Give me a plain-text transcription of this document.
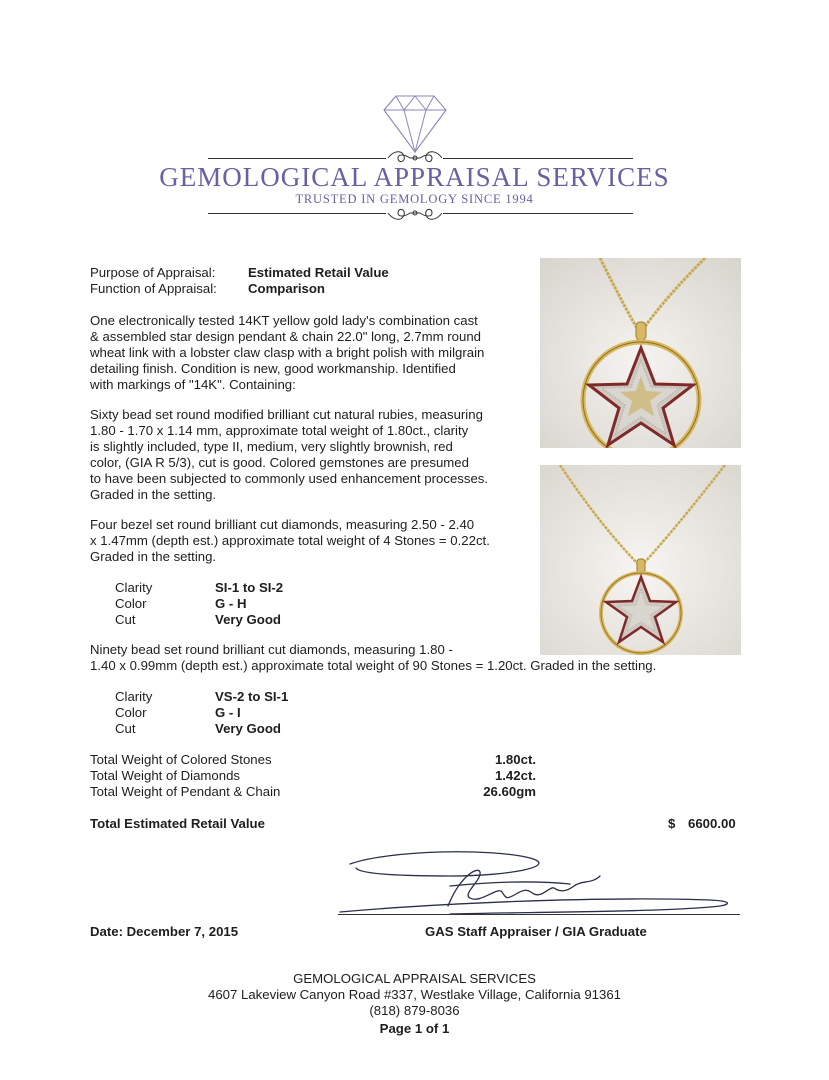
GEMOLOGICAL APPRAISAL SERVICES
TRUSTED IN GEMOLOGY SINCE 1994
Purpose of Appraisal: Estimated Retail Value
Function of Appraisal: Comparison
One electronically tested 14KT yellow gold lady's combination cast
& assembled star design pendant & chain 22.0" long, 2.7mm round
wheat link with a lobster claw clasp with a bright polish with milgrain
detailing finish. Condition is new, good workmanship. Identified
with markings of "14K". Containing:
Sixty bead set round modified brilliant cut natural rubies, measuring
1.80 - 1.70 x 1.14 mm, approximate total weight of 1.80ct., clarity
is slightly included, type II, medium, very slightly brownish, red
color, (GIA R 5/3), cut is good. Colored gemstones are presumed
to have been subjected to commonly used enhancement processes.
Graded in the setting.
Four bezel set round brilliant cut diamonds, measuring 2.50 - 2.40
x 1.47mm (depth est.) approximate total weight of 4 Stones = 0.22ct.
Graded in the setting.
Clarity	SI-1 to SI-2
Color	G - H
Cut	Very Good
Ninety bead set round brilliant cut diamonds, measuring 1.80 -
1.40 x 0.99mm (depth est.) approximate total weight of 90 Stones = 1.20ct. Graded in the setting.
Clarity	VS-2 to SI-1
Color	G - I
Cut	Very Good
Total Weight of Colored Stones	1.80ct.
Total Weight of Diamonds	1.42ct.
Total Weight of Pendant & Chain	26.60gm
Total Estimated Retail Value	$ 6600.00
Date: December 7, 2015	GAS Staff Appraiser / GIA Graduate
GEMOLOGICAL APPRAISAL SERVICES
4607 Lakeview Canyon Road #337, Westlake Village, California 91361
(818) 879-8036
Page 1 of 1
